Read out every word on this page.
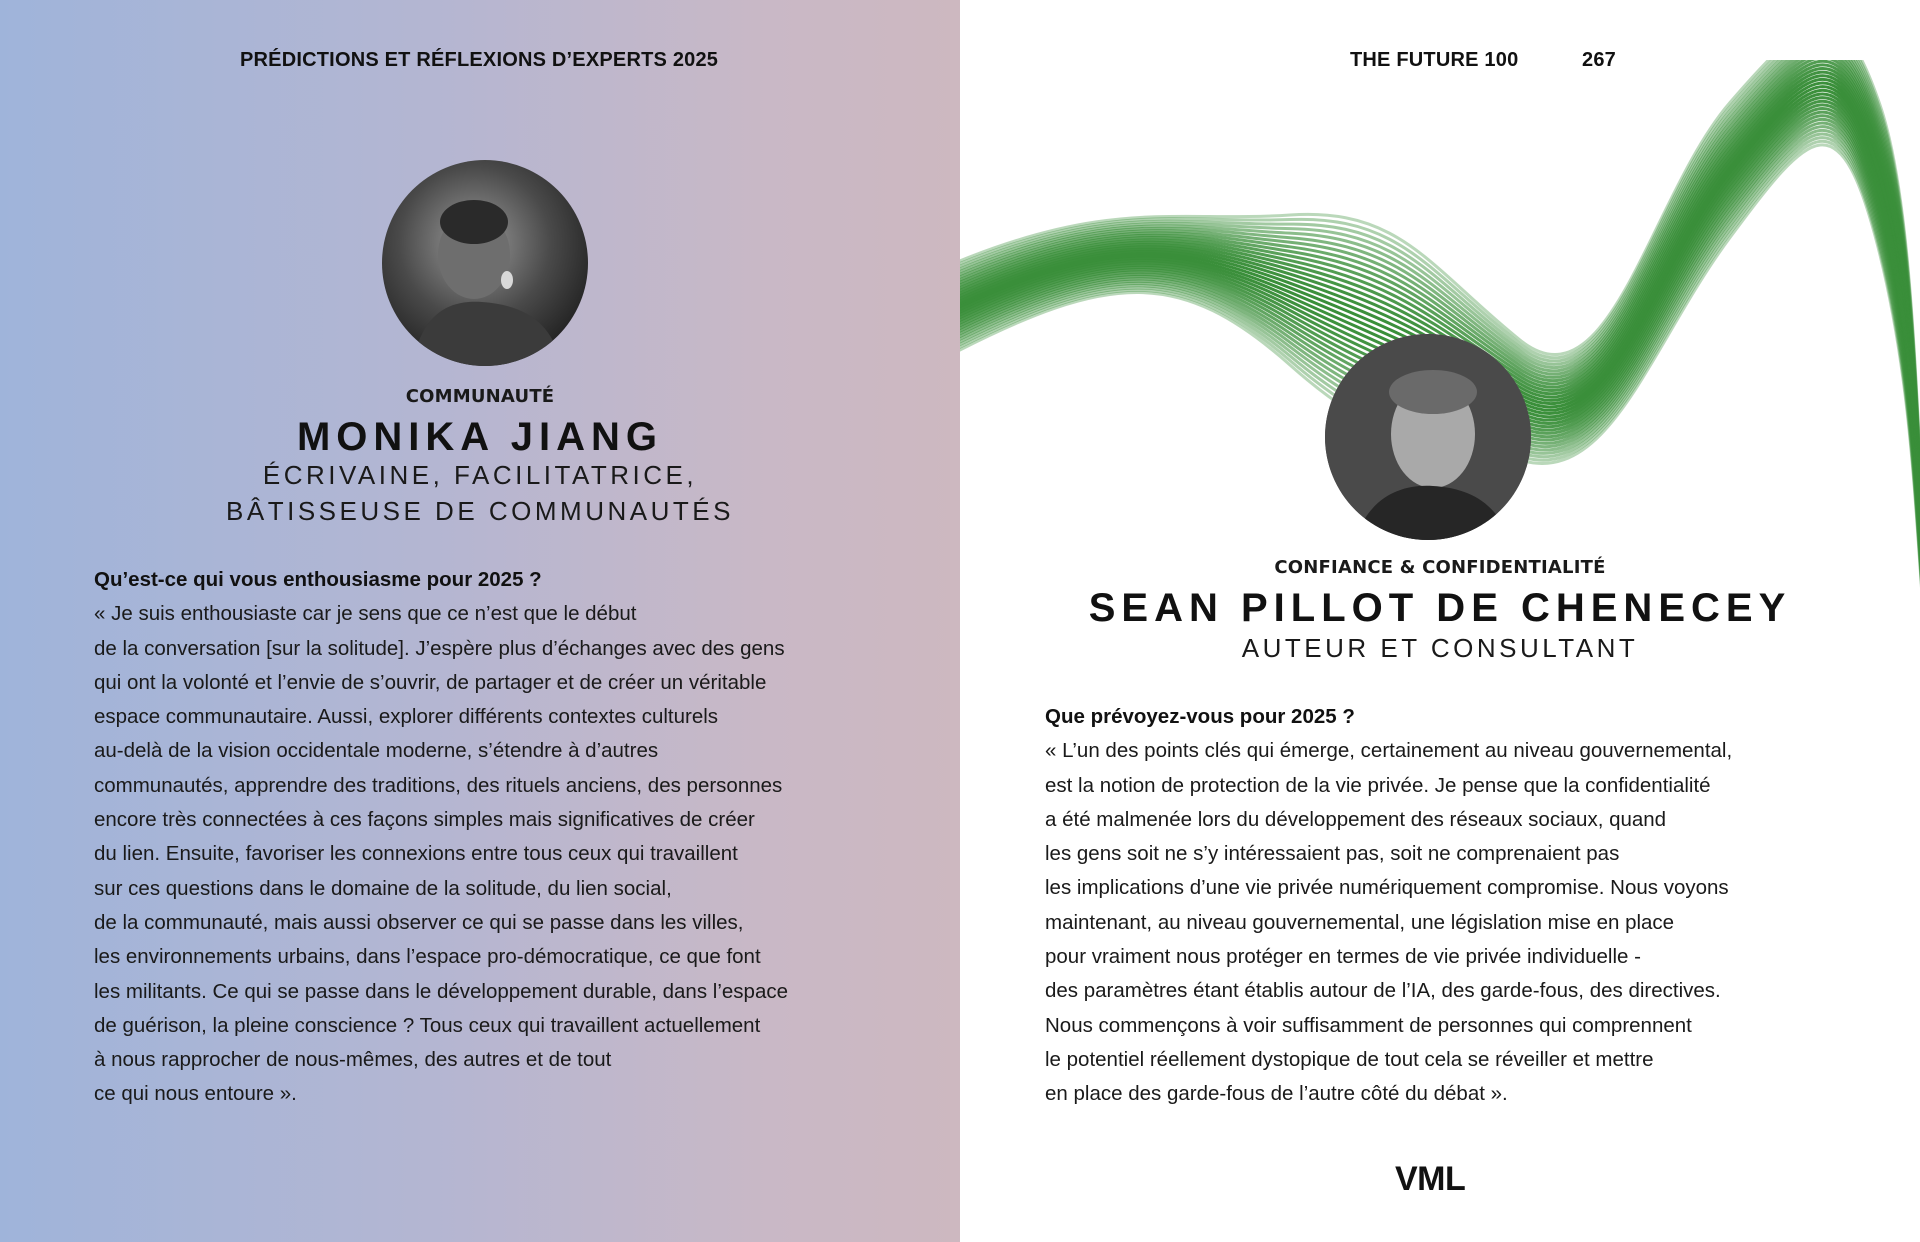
PRÉDICTIONS ET RÉFLEXIONS D’EXPERTS 2025
COMMUNAUTÉ
MONIKA JIANG
ÉCRIVAINE, FACILITATRICE,
BÂTISSEUSE DE COMMUNAUTÉS
Qu’est-ce qui vous enthousiasme pour 2025 ?
« Je suis enthousiaste car je sens que ce n’est que le début
de la conversation [sur la solitude]. J’espère plus d’échanges avec des gens
qui ont la volonté et l’envie de s’ouvrir, de partager et de créer un véritable
espace communautaire. Aussi, explorer différents contextes culturels
au-delà de la vision occidentale moderne, s’étendre à d’autres
communautés, apprendre des traditions, des rituels anciens, des personnes
encore très connectées à ces façons simples mais significatives de créer
du lien. Ensuite, favoriser les connexions entre tous ceux qui travaillent
sur ces questions dans le domaine de la solitude, du lien social,
de la communauté, mais aussi observer ce qui se passe dans les villes,
les environnements urbains, dans l’espace pro-démocratique, ce que font
les militants. Ce qui se passe dans le développement durable, dans l’espace
de guérison, la pleine conscience ? Tous ceux qui travaillent actuellement
à nous rapprocher de nous-mêmes, des autres et de tout
ce qui nous entoure ».
THE FUTURE 100	267
CONFIANCE & CONFIDENTIALITÉ
SEAN PILLOT DE CHENECEY
AUTEUR ET CONSULTANT
Que prévoyez-vous pour 2025 ?
« L’un des points clés qui émerge, certainement au niveau gouvernemental,
est la notion de protection de la vie privée. Je pense que la confidentialité
a été malmenée lors du développement des réseaux sociaux, quand
les gens soit ne s’y intéressaient pas, soit ne comprenaient pas
les implications d’une vie privée numériquement compromise. Nous voyons
maintenant, au niveau gouvernemental, une législation mise en place
pour vraiment nous protéger en termes de vie privée individuelle -
des paramètres étant établis autour de l’IA, des garde-fous, des directives.
Nous commençons à voir suffisamment de personnes qui comprennent
le potentiel réellement dystopique de tout cela se réveiller et mettre
en place des garde-fous de l’autre côté du débat ».
VML
